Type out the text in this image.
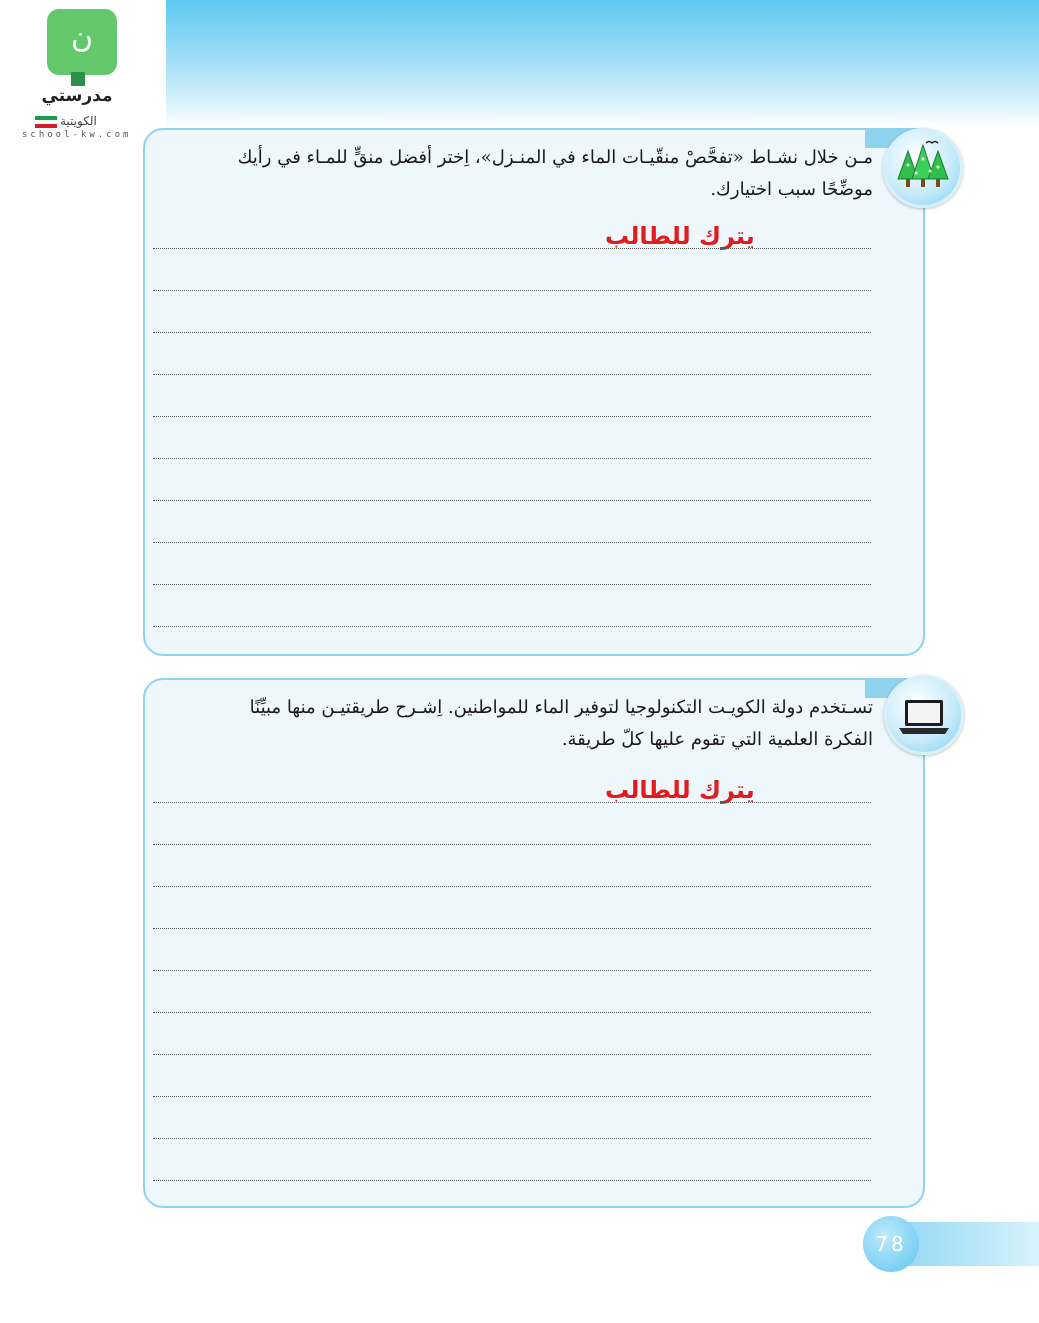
ن
مدرستي
الكويتية
school-kw.com
مـن خلال نشـاط «تفحَّصْ منقّيـات الماء في المنـزل»، اِختر أفضل منقٍّ للمـاء في رأيك
موضِّحًا سبب اختيارك.
يترك للطالب
تسـتخدم دولة الكويـت التكنولوجيا لتوفير الماء للمواطنين. اِشـرح طريقتيـن منها مبيِّنًا
الفكرة العلمية التي تقوم عليها كلّ طريقة.
يترك للطالب
78
